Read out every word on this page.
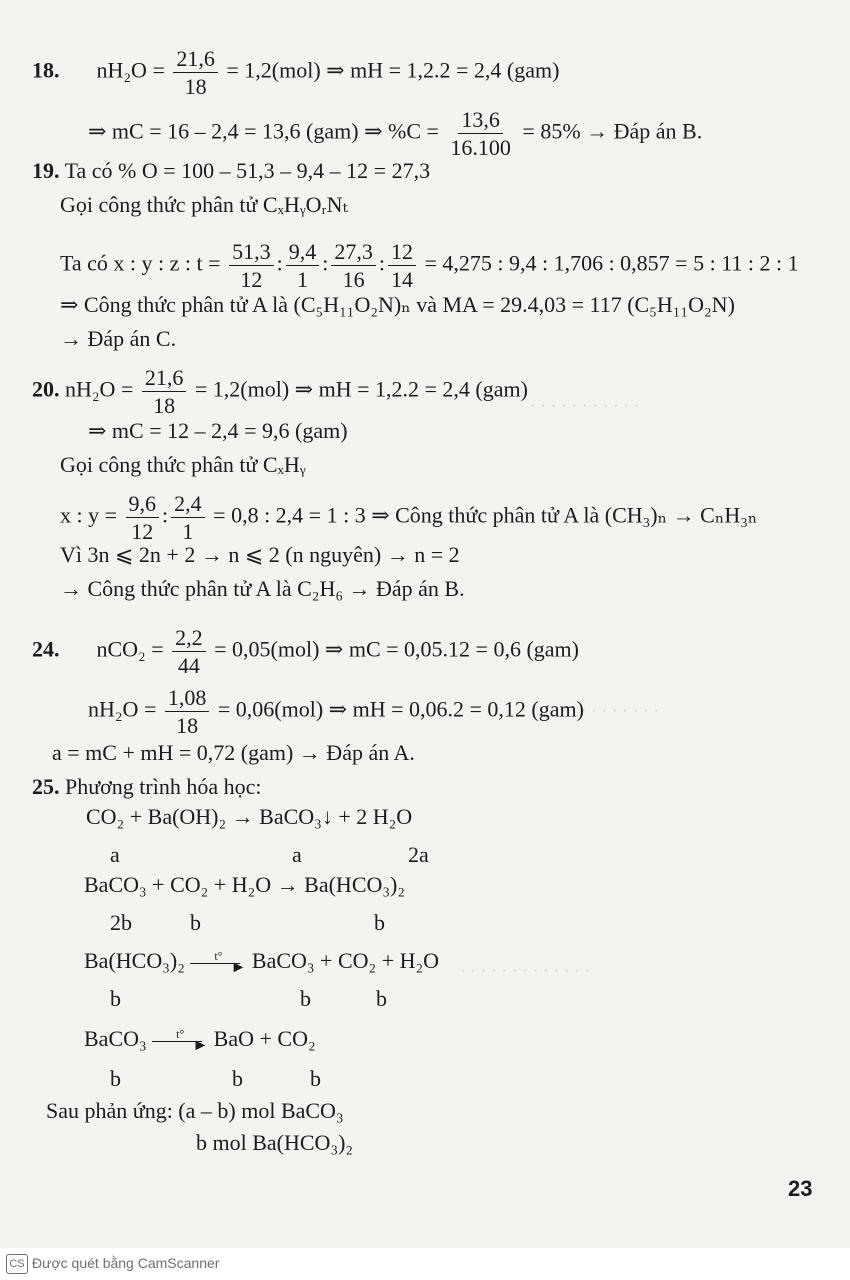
· · · · · · · · · · ·
· · · · · · · · · ·
· · · · · · · · · · · · ·
18. $nH_2O = \frac{21,6}{18} = 1,2(mol)$ ⇒ mH = 1,2.2 = 2,4 (gam)
⇒ mC = 16 – 2,4 = 13,6 (gam) ⇒ $\%C = \frac{13,6}{16.100} = 85\%$ → Đáp án B.
19. Ta có % O = 100 – 51,3 – 9,4 – 12 = 27,3
Gọi công thức phân tử CₓHᵧOᵣNₜ
Ta có x : y : z : $t = \frac{51,3}{12}$ : $\frac{9,4}{1}$ : $\frac{27,3}{16}$ : $\frac{12}{14} = 4,275$ : 9,4 : 1,706 : 0,857 = 5 : 11 : 2 : 1
⇒ Công thức phân tử A là (C₅H₁₁O₂N)ₙ và MA = 29.4,03 = 117 (C₅H₁₁O₂N)
→ Đáp án C.
20. $nH_2O = \frac{21,6}{18} = 1,2(mol)$ ⇒ mH = 1,2.2 = 2,4 (gam)
⇒ mC = 12 – 2,4 = 9,6 (gam)
Gọi công thức phân tử CₓHᵧ
x : $y = \frac{9,6}{12}$ : $\frac{2,4}{1} = 0,8$ : 2,4 = 1 : 3 ⇒ Công thức phân tử A là (CH₃)ₙ → CₙH₃ₙ
Vì 3n ⩽ 2n + 2 → n ⩽ 2 (n nguyên) → n = 2
→ Công thức phân tử A là C₂H₆ → Đáp án B.
24. $nCO_2 = \frac{2,2}{44} = 0,05(mol)$ ⇒ mC = 0,05.12 = 0,6 (gam)
$nH_2O = \frac{1,08}{18} = 0,06(mol)$ ⇒ mH = 0,06.2 = 0,12 (gam)
a = mC + mH = 0,72 (gam) → Đáp án A.
25. Phương trình hóa học:
CO₂ + Ba(OH)₂ → BaCO₃↓ + 2 H₂O
a	a	2a
BaCO₃ + CO₂ + H₂O → Ba(HCO₃)₂
2b	b	b
Ba(HCO₃)₂	t°
► BaCO₃ + CO₂ + H₂O
b	b	b
BaCO₃	t°
► BaO + CO₂
b	b	b
Sau phản ứng: (a – b) mol BaCO₃
b mol Ba(HCO₃)₂
23
CS Được quét bằng CamScanner
